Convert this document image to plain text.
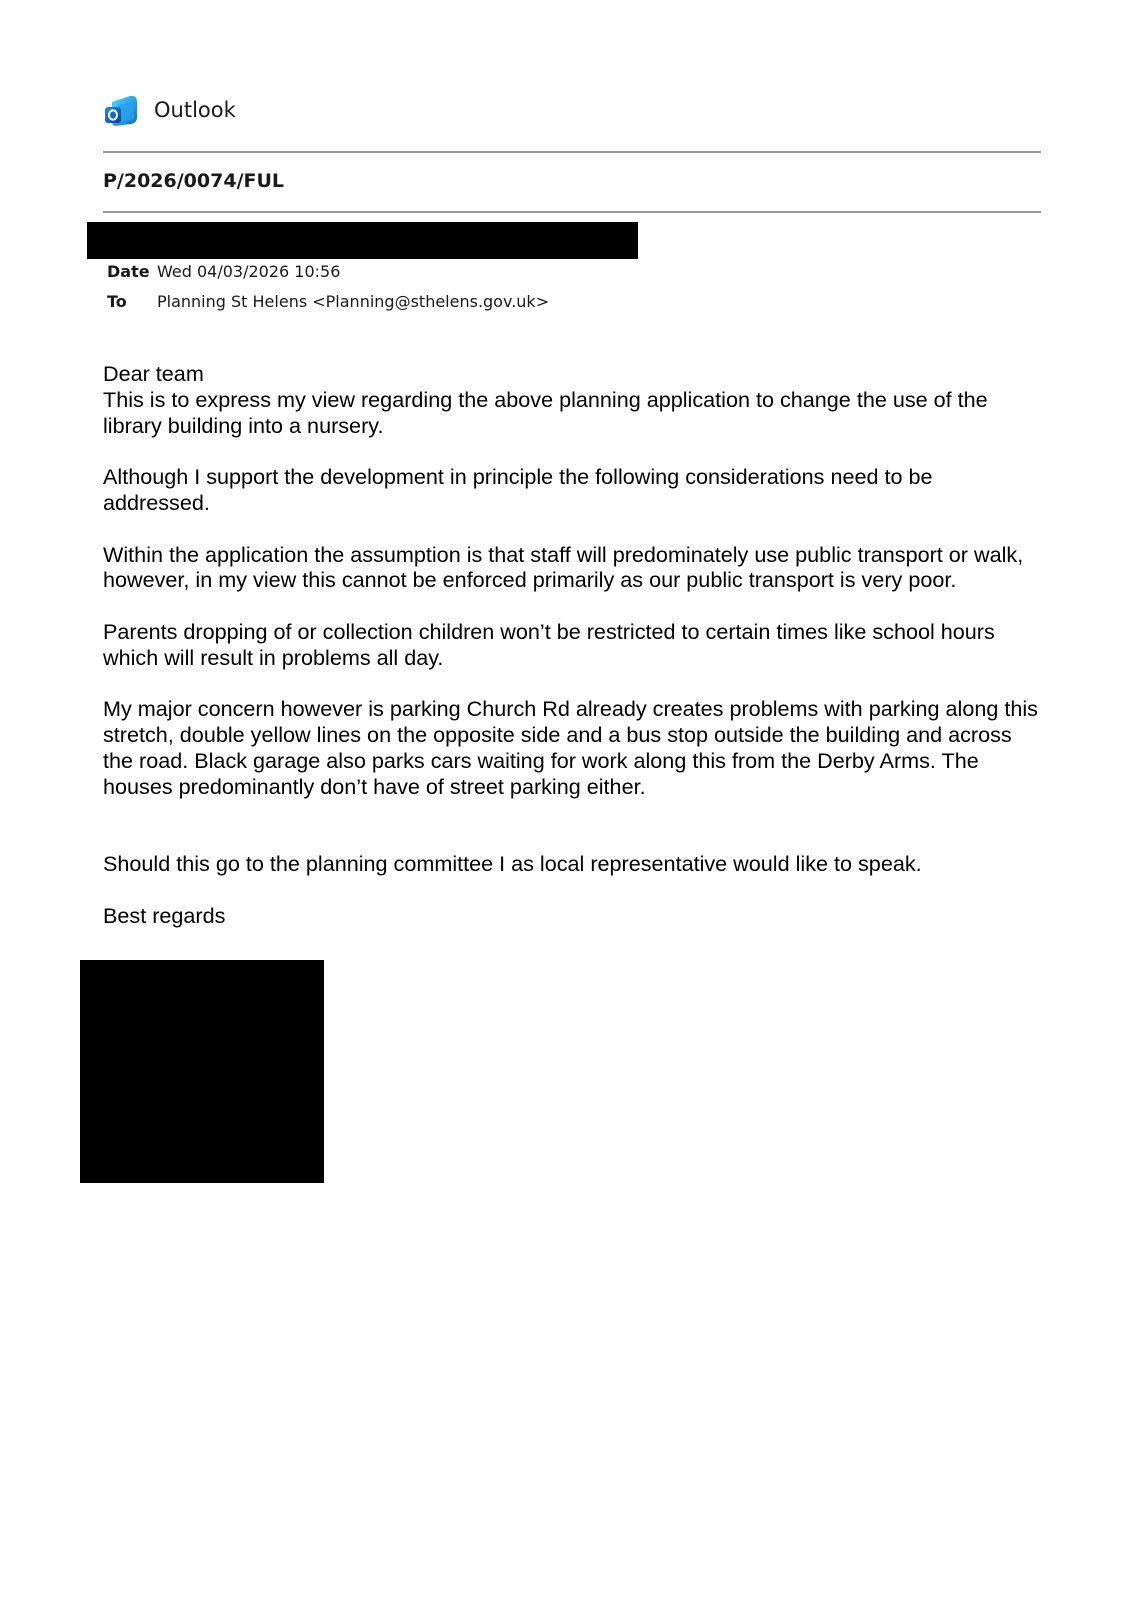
Outlook
P/2026/0074/FUL
Date Wed 04/03/2026 10:56
To Planning St Helens <Planning@sthelens.gov.uk>

Dear team

This is to express my view regarding the above planning application to change the use of the library building into a nursery.

Although I support the development in principle the following considerations need to be addressed.

Within the application the assumption is that staff will predominately use public transport or walk, however, in my view this cannot be enforced primarily as our public transport is very poor.

Parents dropping of or collection children won’t be restricted to certain times like school hours which will result in problems all day.

My major concern however is parking Church Rd already creates problems with parking along this stretch, double yellow lines on the opposite side and a bus stop outside the building and across the road. Black garage also parks cars waiting for work along this from the Derby Arms. The houses predominantly don’t have of street parking either.

Should this go to the planning committee I as local representative would like to speak.

Best regards
